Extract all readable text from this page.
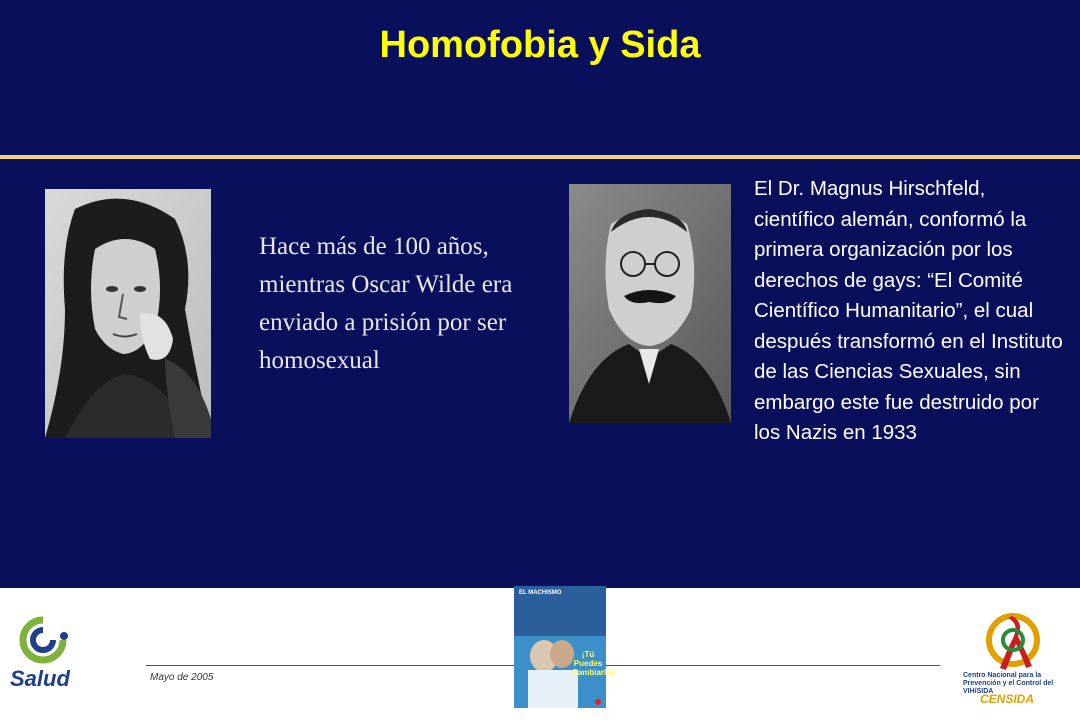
Homofobia y Sida
Hace más de 100 años, mientras Oscar Wilde era enviado a prisión por ser homosexual
El Dr. Magnus Hirschfeld, científico alemán, conformó la primera organización por los derechos de gays: “El Comité Científico Humanitario”, el cual después transformó en el Instituto de las Ciencias Sexuales, sin embargo este fue destruido por los Nazis en 1933
Salud	Mayo de 2005
EL MACHISMO
¡Tú Puedes Cambiarlo!	Centro Nacional para la Prevención y el Control del VIH/SIDA
CENSIDA
